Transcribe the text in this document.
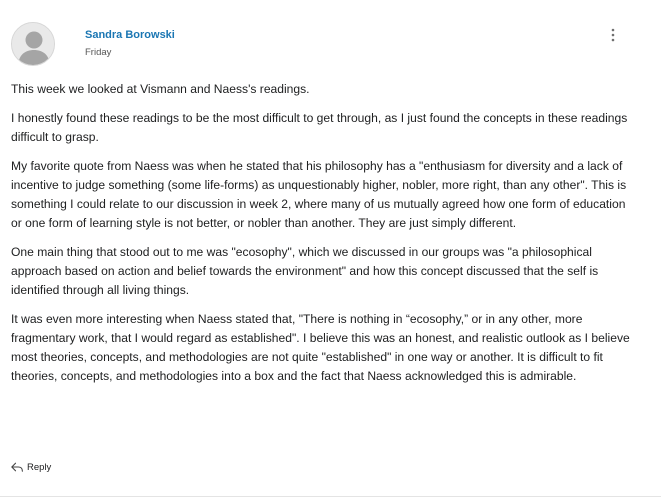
Sandra Borowski
Friday

This week we looked at Vismann and Naess's readings.

I honestly found these readings to be the most difficult to get through, as I just found the concepts in these readings difficult to grasp.

My favorite quote from Naess was when he stated that his philosophy has a "enthusiasm for diversity and a lack of incentive to judge something (some life-forms) as unquestionably higher, nobler, more right, than any other". This is something I could relate to our discussion in week 2, where many of us mutually agreed how one form of education or one form of learning style is not better, or nobler than another. They are just simply different.

One main thing that stood out to me was "ecosophy", which we discussed in our groups was "a philosophical approach based on action and belief towards the environment" and how this concept discussed that the self is identified through all living things.

It was even more interesting when Naess stated that, "There is nothing in “ecosophy,” or in any other, more fragmentary work, that I would regard as established". I believe this was an honest, and realistic outlook as I believe most theories, concepts, and methodologies are not quite "established" in one way or another. It is difficult to fit theories, concepts, and methodologies into a box and the fact that Naess acknowledged this is admirable.

Reply
